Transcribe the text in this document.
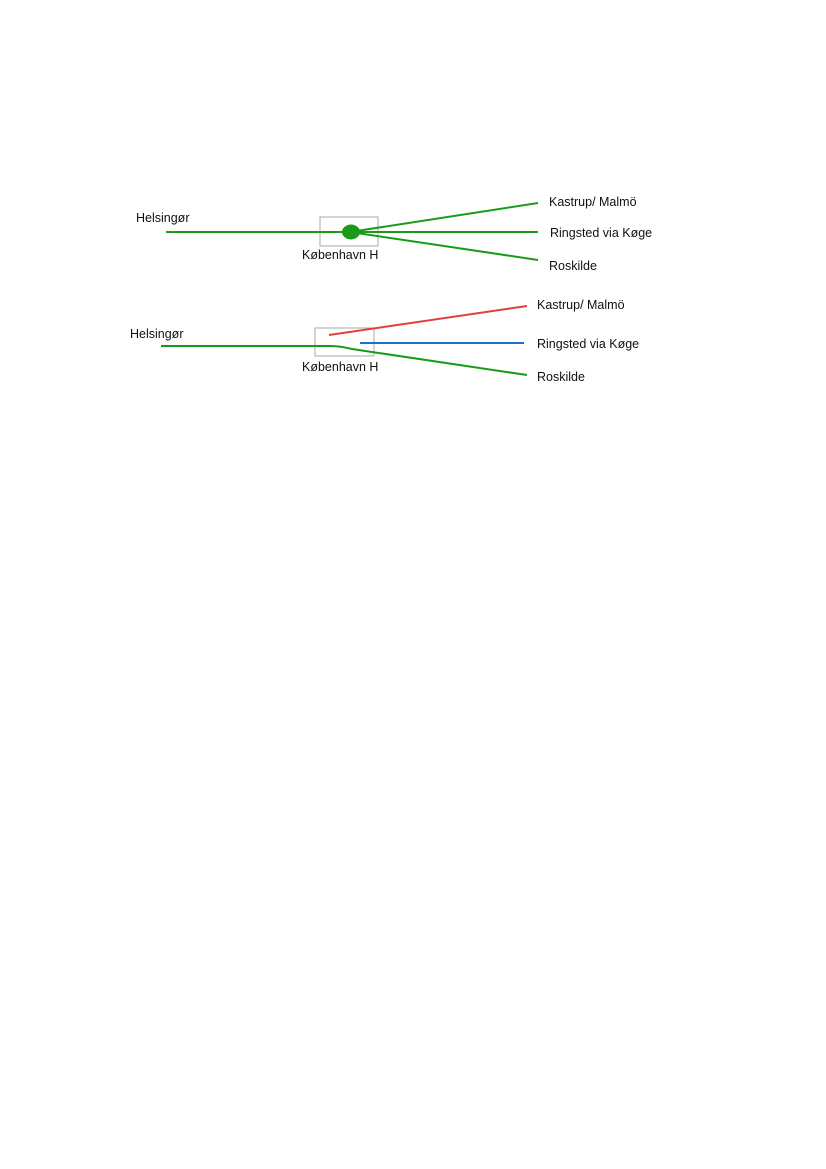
Helsingør
København H
Kastrup/ Malmö
Ringsted via Køge
Roskilde
Helsingør
København H
Kastrup/ Malmö
Ringsted via Køge
Roskilde
